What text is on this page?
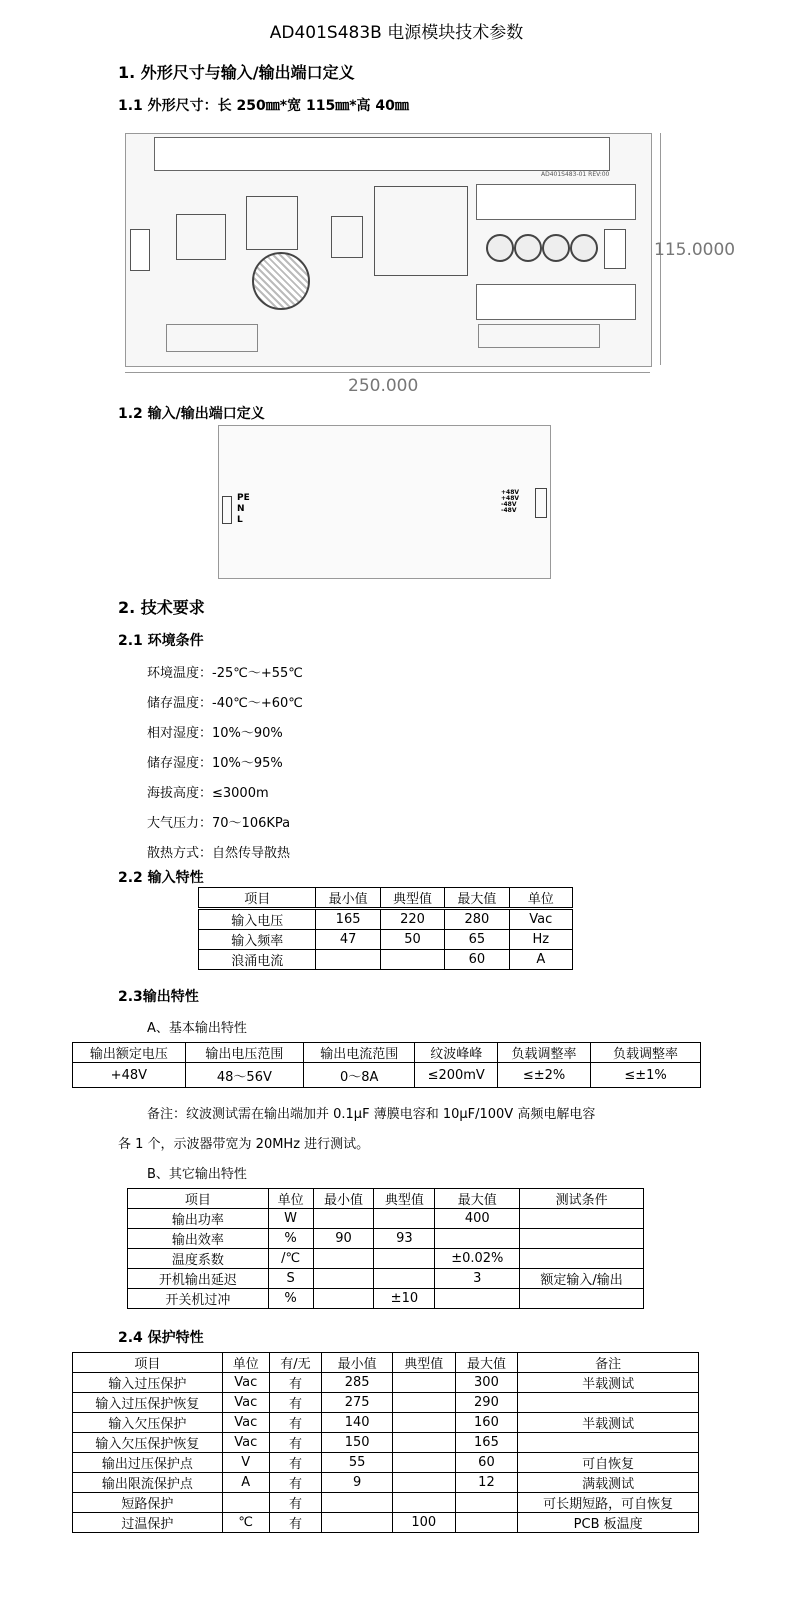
AD401S483B 电源模块技术参数
1. 外形尺寸与输入/输出端口定义
1.1 外形尺寸：长 250㎜*宽 115㎜*高 40㎜
AD401S483-01 REV:00
115.0000
250.000
1.2 输入/输出端口定义
PE
N
L
+48V
+48V
-48V
-48V
2. 技术要求
2.1 环境条件
环境温度：-25℃～+55℃
储存温度：-40℃～+60℃
相对湿度：10%～90%
储存湿度：10%～95%
海拔高度：≤3000m
大气压力：70～106KPa
散热方式：自然传导散热
2.2 输入特性
项目	最小值	典型值	最大值	单位
输入电压	165	220	280	Vac
输入频率	47	50	65	Hz
浪涌电流			60	A
2.3输出特性
A、基本输出特性
输出额定电压	输出电压范围	输出电流范围	纹波峰峰	负载调整率	负载调整率
+48V	48～56V	0～8A	≤200mV	≤±2%	≤±1%
备注：纹波测试需在输出端加并 0.1μF 薄膜电容和 10μF/100V 高频电解电容
各 1 个，示波器带宽为 20MHz 进行测试。
B、其它输出特性
项目	单位	最小值	典型值	最大值	测试条件
输出功率	W			400	
输出效率	%	90	93		
温度系数	/℃			±0.02%	
开机输出延迟	S			3	额定输入/输出
开关机过冲	%		±10		
2.4 保护特性
项目	单位	有/无	最小值	典型值	最大值	备注
输入过压保护	Vac	有	285		300	半载测试
输入过压保护恢复	Vac	有	275		290	
输入欠压保护	Vac	有	140		160	半载测试
输入欠压保护恢复	Vac	有	150		165	
输出过压保护点	V	有	55		60	可自恢复
输出限流保护点	A	有	9		12	满载测试
短路保护		有				可长期短路，可自恢复
过温保护	℃	有		100		PCB 板温度
